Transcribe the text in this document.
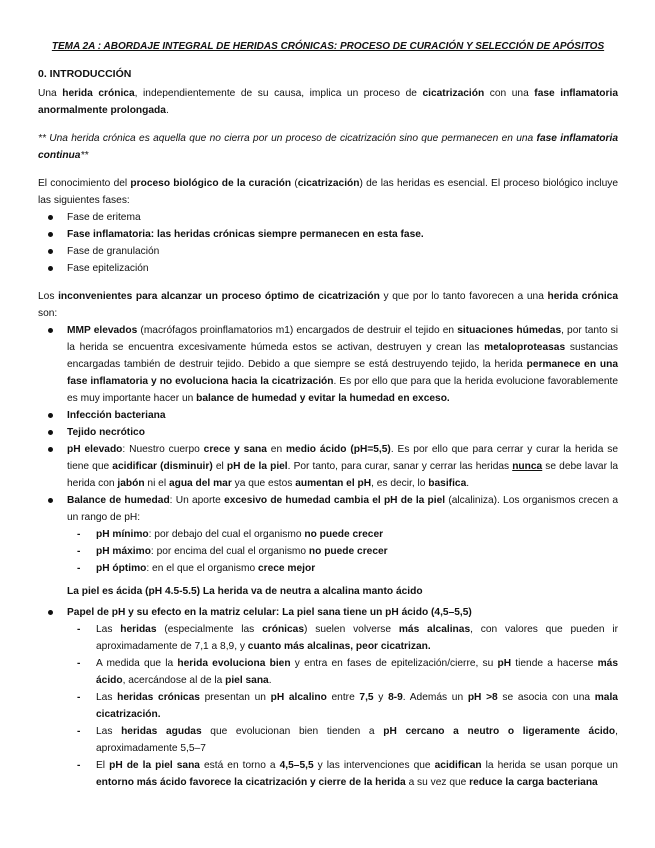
TEMA 2A : ABORDAJE INTEGRAL DE HERIDAS CRÓNICAS: PROCESO DE CURACIÓN Y SELECCIÓN DE APÓSITOS

0. INTRODUCCIÓN

Una herida crónica, independientemente de su causa, implica un proceso de cicatrización con una fase inflamatoria anormalmente prolongada.

** Una herida crónica es aquella que no cierra por un proceso de cicatrización sino que permanecen en una fase inflamatoria continua**

El conocimiento del proceso biológico de la curación (cicatrización) de las heridas es esencial. El proceso biológico incluye las siguientes fases:

Fase de eritema
Fase inflamatoria: las heridas crónicas siempre permanecen en esta fase.
Fase de granulación
Fase epitelización

Los inconvenientes para alcanzar un proceso óptimo de cicatrización y que por lo tanto favorecen a una herida crónica son:

MMP elevados (macrófagos proinflamatorios m1) encargados de destruir el tejido en situaciones húmedas, por tanto si la herida se encuentra excesivamente húmeda estos se activan, destruyen y crean las metaloproteasas sustancias encargadas también de destruir tejido. Debido a que siempre se está destruyendo tejido, la herida permanece en una fase inflamatoria y no evoluciona hacia la cicatrización. Es por ello que para que la herida evolucione favorablemente es muy importante hacer un balance de humedad y evitar la humedad en exceso.
Infección bacteriana
Tejido necrótico
pH elevado: Nuestro cuerpo crece y sana en medio ácido (pH=5,5). Es por ello que para cerrar y curar la herida se tiene que acidificar (disminuir) el pH de la piel. Por tanto, para curar, sanar y cerrar las heridas nunca se debe lavar la herida con jabón ni el agua del mar ya que estos aumentan el pH, es decir, lo basifica.
Balance de humedad: Un aporte excesivo de humedad cambia el pH de la piel (alcaliniza). Los organismos crecen a un rango de pH:
- pH mínimo: por debajo del cual el organismo no puede crecer
- pH máximo: por encima del cual el organismo no puede crecer
- pH óptimo: en el que el organismo crece mejor

La piel es ácida (pH 4.5-5.5) La herida va de neutra a alcalina manto ácido

Papel de pH y su efecto en la matriz celular: La piel sana tiene un pH ácido (4,5–5,5)
- Las heridas (especialmente las crónicas) suelen volverse más alcalinas, con valores que pueden ir aproximadamente de 7,1 a 8,9, y cuanto más alcalinas, peor cicatrizan.
- A medida que la herida evoluciona bien y entra en fases de epitelización/cierre, su pH tiende a hacerse más ácido, acercándose al de la piel sana.
- Las heridas crónicas presentan un pH alcalino entre 7,5 y 8-9. Además un pH >8 se asocia con una mala cicatrización.
- Las heridas agudas que evolucionan bien tienden a pH cercano a neutro o ligeramente ácido, aproximadamente 5,5–7
- El pH de la piel sana está en torno a 4,5–5,5 y las intervenciones que acidifican la herida se usan porque un entorno más ácido favorece la cicatrización y cierre de la herida a su vez que reduce la carga bacteriana
